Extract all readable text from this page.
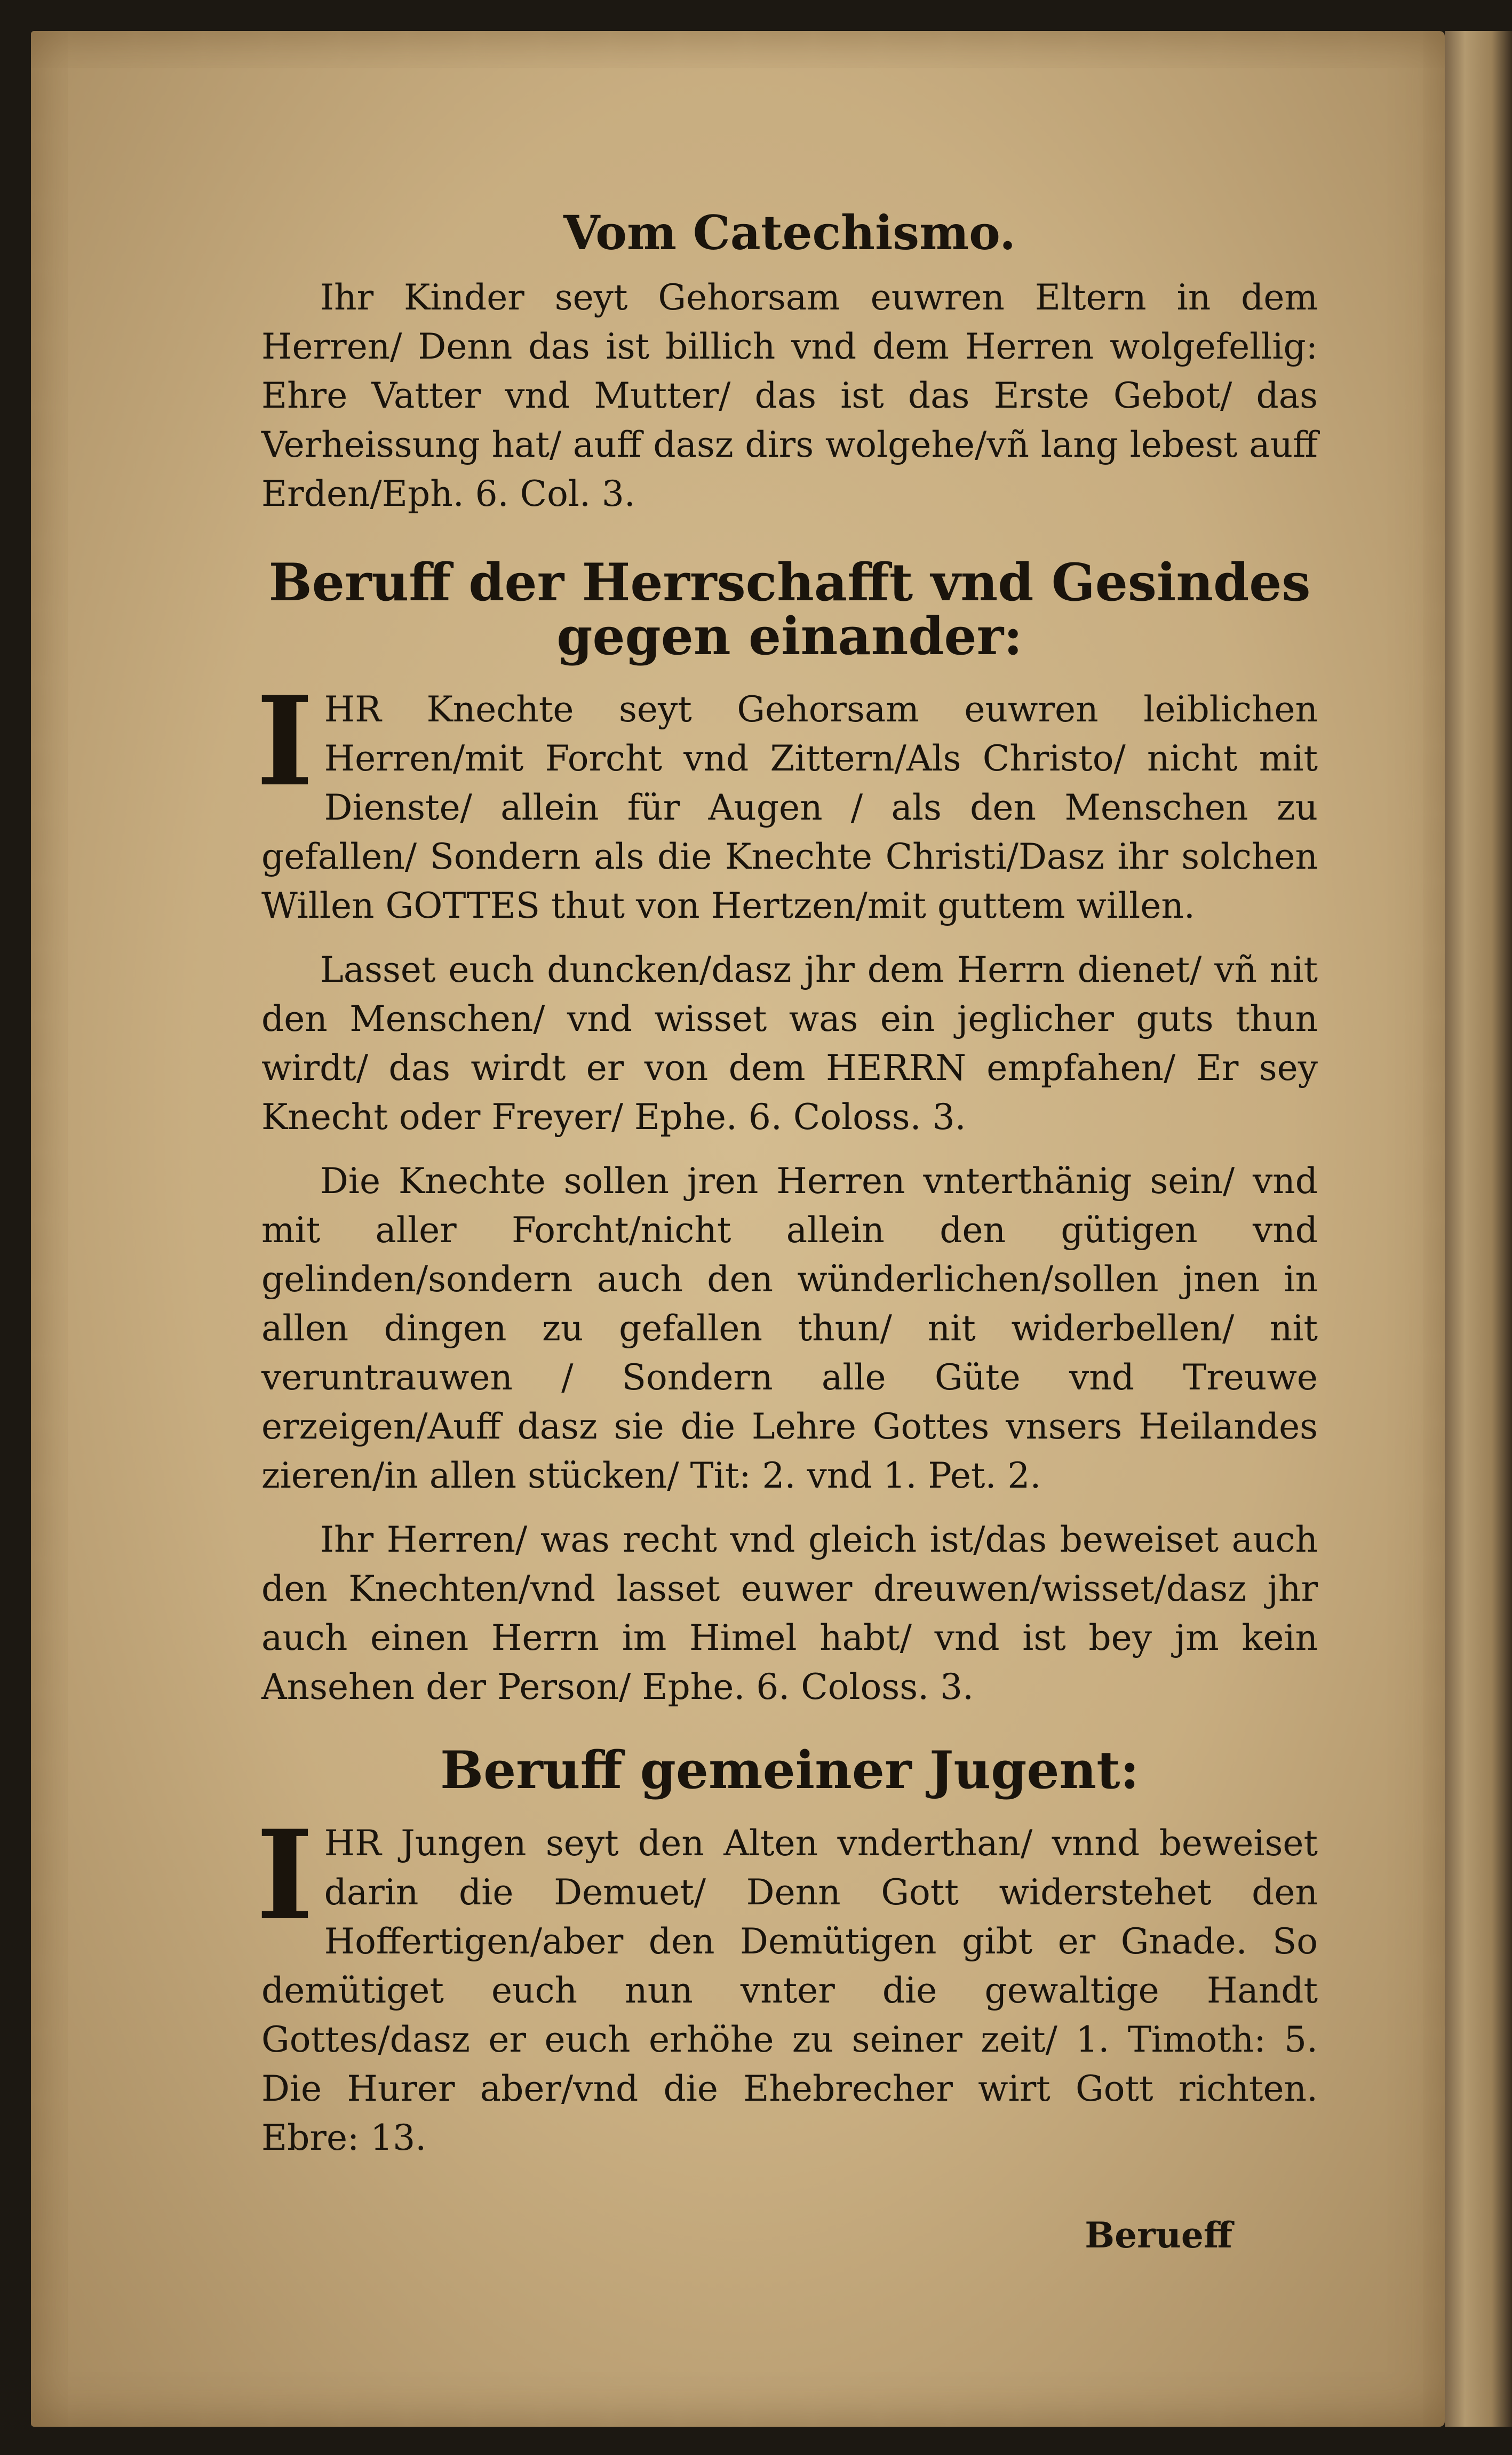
Vom Catechismo.

Ihr Kinder seyt Gehorsam euwren Eltern in dem Herren/ Denn das ist billich vnd dem Herren wolgefellig: Ehre Vatter vnd Mutter/ das ist das Erste Gebot/ das Verheissung hat/ auff dasz dirs wolgehe/vñ lang lebest auff Erden/Eph. 6. Col. 3.

Beruff der Herrschafft vnd Gesindes gegen einander:

IHR Knechte seyt Gehorsam euwren leiblichen Herren/mit Forcht vnd Zittern/Als Christo/ nicht mit Dienste/ allein für Augen / als den Menschen zu gefallen/ Sondern als die Knechte Christi/Dasz ihr solchen Willen GOTTES thut von Hertzen/mit guttem willen.

Lasset euch duncken/dasz jhr dem Herrn dienet/ vñ nit den Menschen/ vnd wisset was ein jeglicher guts thun wirdt/ das wirdt er von dem HERRN empfahen/ Er sey Knecht oder Freyer/ Ephe. 6. Coloss. 3.

Die Knechte sollen jren Herren vnterthänig sein/ vnd mit aller Forcht/nicht allein den gütigen vnd gelinden/sondern auch den wünderlichen/sollen jnen in allen dingen zu gefallen thun/ nit widerbellen/ nit veruntrauwen / Sondern alle Güte vnd Treuwe erzeigen/Auff dasz sie die Lehre Gottes vnsers Heilandes zieren/in allen stücken/ Tit: 2. vnd 1. Pet. 2.

Ihr Herren/ was recht vnd gleich ist/das beweiset auch den Knechten/vnd lasset euwer dreuwen/wisset/dasz jhr auch einen Herrn im Himel habt/ vnd ist bey jm kein Ansehen der Person/ Ephe. 6. Coloss. 3.

Beruff gemeiner Jugent:

IHR Jungen seyt den Alten vnderthan/ vnnd beweiset darin die Demuet/ Denn Gott widerstehet den Hoffertigen/aber den Demütigen gibt er Gnade. So demütiget euch nun vnter die gewaltige Handt Gottes/dasz er euch erhöhe zu seiner zeit/ 1. Timoth: 5. Die Hurer aber/vnd die Ehebrecher wirt Gott richten. Ebre: 13.

Berueff
